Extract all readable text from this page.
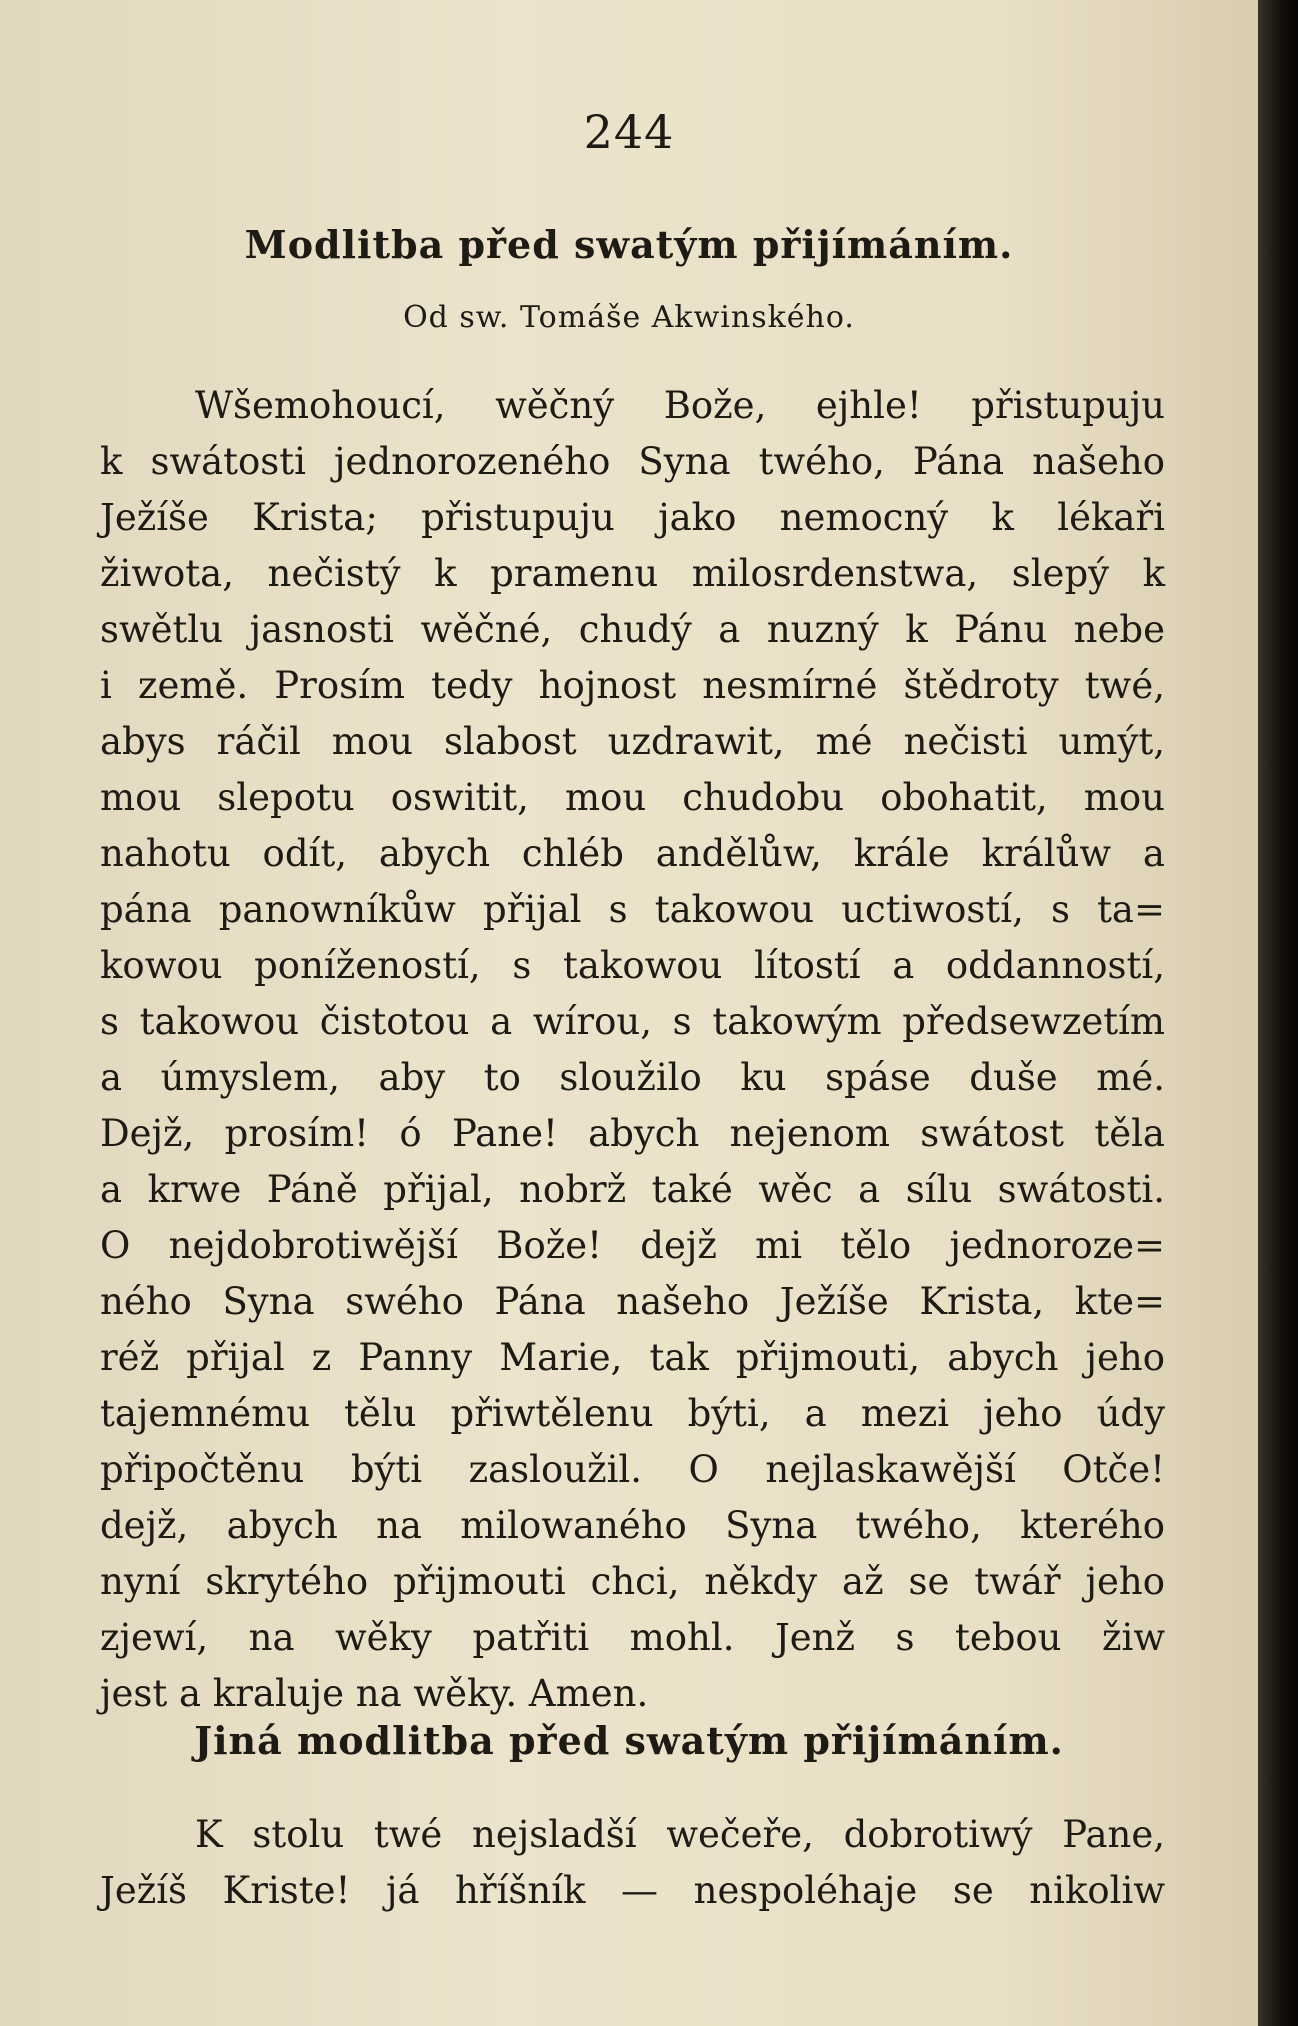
244
Modlitba před swatým přijímáním.
Od sw. Tomáše Akwinského.
Wšemohoucí, wěčný Bože, ejhle! přistupuju
k swátosti jednorozeného Syna twého, Pána našeho
Ježíše Krista; přistupuju jako nemocný k lékaři
žiwota, nečistý k pramenu milosrdenstwa, slepý k
swětlu jasnosti wěčné, chudý a nuzný k Pánu nebe
i země. Prosím tedy hojnost nesmírné štědroty twé,
abys ráčil mou slabost uzdrawit, mé nečisti umýt,
mou slepotu oswitit, mou chudobu obohatit, mou
nahotu odít, abych chléb andělůw, krále králůw a
pána panowníkůw přijal s takowou uctiwostí, s ta=
kowou ponížeností, s takowou lítostí a oddanností,
s takowou čistotou a wírou, s takowým předsewzetím
a úmyslem, aby to sloužilo ku spáse duše mé.
Dejž, prosím! ó Pane! abych nejenom swátost těla
a krwe Páně přijal, nobrž také wěc a sílu swátosti.
O nejdobrotiwější Bože! dejž mi tělo jednoroze=
ného Syna swého Pána našeho Ježíše Krista, kte=
réž přijal z Panny Marie, tak přijmouti, abych jeho
tajemnému tělu přiwtělenu býti, a mezi jeho údy
připočtěnu býti zasloužil. O nejlaskawější Otče!
dejž, abych na milowaného Syna twého, kterého
nyní skrytého přijmouti chci, někdy až se twář jeho
zjewí, na wěky patřiti mohl. Jenž s tebou žiw
jest a kraluje na wěky. Amen.
Jiná modlitba před swatým přijímáním.
K stolu twé nejsladší wečeře, dobrotiwý Pane,
Ježíš Kriste! já hříšník — nespoléhaje se nikoliw
